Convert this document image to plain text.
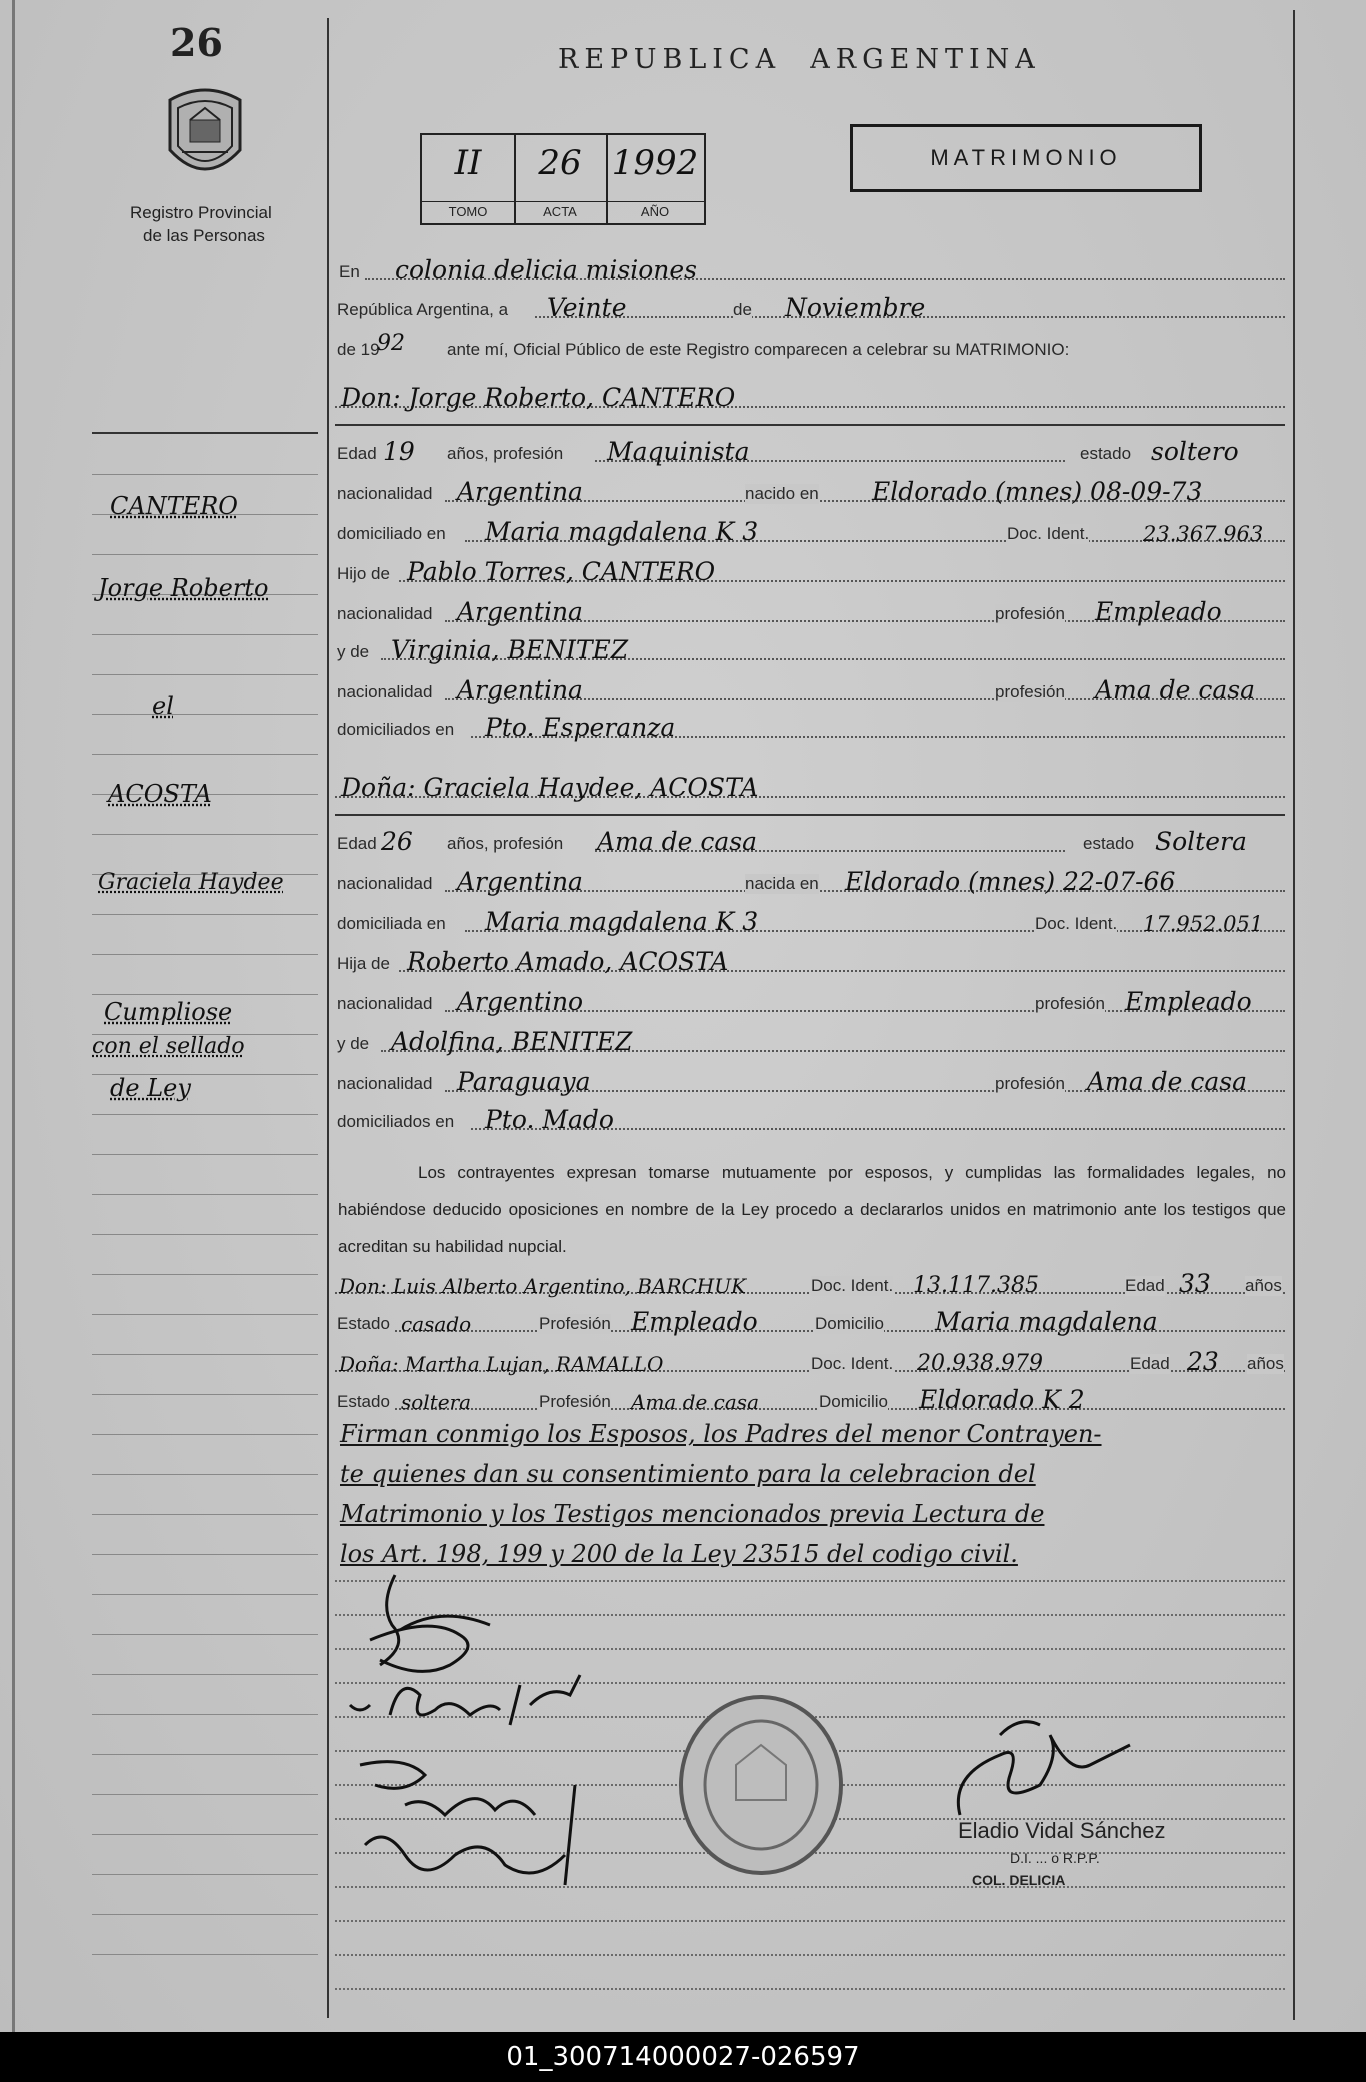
26
Registro Provincial
de las Personas
REPUBLICA  ARGENTINA
II
TOMO
26
ACTA
1992
AÑO
MATRIMONIO
En colonia delicia misiones
República Argentina, a Veinte	de Noviembre
de 19
92 ante mí, Oficial Público de este Registro comparecen a celebrar su MATRIMONIO:
Don: Jorge Roberto, CANTERO
Edad 19 años, profesión Maquinista	estado soltero
nacionalidad Argentina	nacido en Eldorado (mnes) 08-09-73
domiciliado en Maria magdalena K 3	Doc. Ident.	23.367.963
Hijo de Pablo Torres, CANTERO
nacionalidad Argentina	profesión Empleado
y de Virginia, BENITEZ
nacionalidad Argentina	profesión Ama de casa
domiciliados en Pto. Esperanza
Doña: Graciela Haydee, ACOSTA
Edad 26 años, profesión Ama de casa	estado Soltera
nacionalidad Argentina	nacida en Eldorado (mnes) 22-07-66
domiciliada en Maria magdalena K 3	Doc. Ident. 17.952.051
Hija de Roberto Amado, ACOSTA
nacionalidad Argentino	profesión Empleado
y de Adolfina, BENITEZ
nacionalidad Paraguaya	profesión Ama de casa
domiciliados en Pto. Mado
Los contrayentes expresan tomarse mutuamente por esposos, y cumplidas las formalidades legales, no habiéndose deducido oposiciones en nombre de la Ley procedo a declararlos unidos en matrimonio ante los testigos que acreditan su habilidad nupcial.
Don: Luis Alberto Argentino, BARCHUK	Doc. Ident. 13.117.385	Edad 33 años
Estado casado	Profesión Empleado	Domicilio Maria magdalena
Doña: Martha Lujan, RAMALLO	Doc. Ident. 20.938.979	Edad 23 años
Estado soltera	Profesión Ama de casa	Domicilio Eldorado K 2
Firman conmigo los Esposos, los Padres del menor Contrayen-
te quienes dan su consentimiento para la celebracion del
Matrimonio y los Testigos mencionados previa Lectura de
los Art. 198, 199 y 200 de la Ley 23515 del codigo civil.
CANTERO
Jorge Roberto
el
ACOSTA
Graciela Haydee
Cumpliose
con el sellado
de Ley
Eladio Vidal Sánchez
D.I. ... o R.P.P.
COL. DELICIA
01_300714000027-026597
